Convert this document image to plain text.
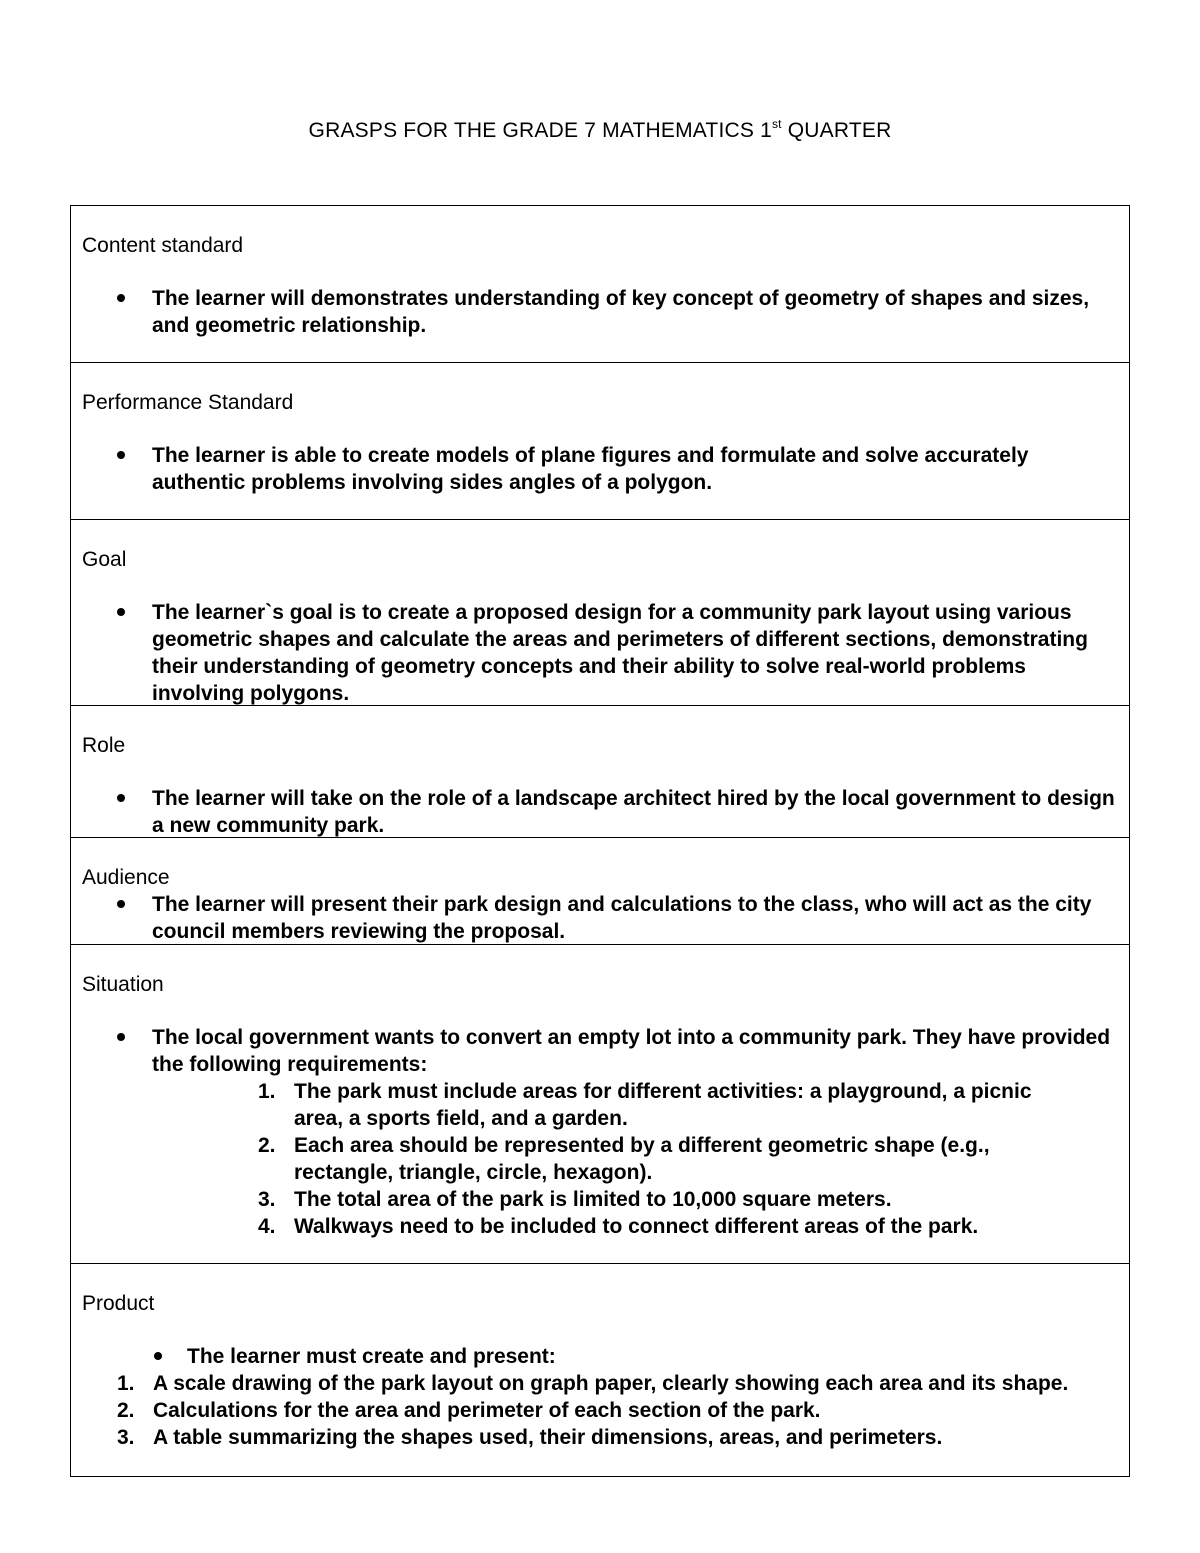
GRASPS FOR THE GRADE 7 MATHEMATICS 1st QUARTER
Content standard
The learner will demonstrates understanding of key concept of geometry of shapes and sizes, and geometric relationship.
Performance Standard
The learner is able to create models of plane figures and formulate and solve accurately authentic problems involving sides angles of a polygon.
Goal
The learner`s goal is to create a proposed design for a community park layout using various geometric shapes and calculate the areas and perimeters of different sections, demonstrating their understanding of geometry concepts and their ability to solve real-world problems involving polygons.
Role
The learner will take on the role of a landscape architect hired by the local government to design a new community park.
Audience
The learner will present their park design and calculations to the class, who will act as the city council members reviewing the proposal.
Situation
The local government wants to convert an empty lot into a community park. They have provided the following requirements:
1. The park must include areas for different activities: a playground, a picnic area, a sports field, and a garden.
2. Each area should be represented by a different geometric shape (e.g., rectangle, triangle, circle, hexagon).
3. The total area of the park is limited to 10,000 square meters.
4. Walkways need to be included to connect different areas of the park.
Product
The learner must create and present:
1. A scale drawing of the park layout on graph paper, clearly showing each area and its shape.
2. Calculations for the area and perimeter of each section of the park.
3. A table summarizing the shapes used, their dimensions, areas, and perimeters.
